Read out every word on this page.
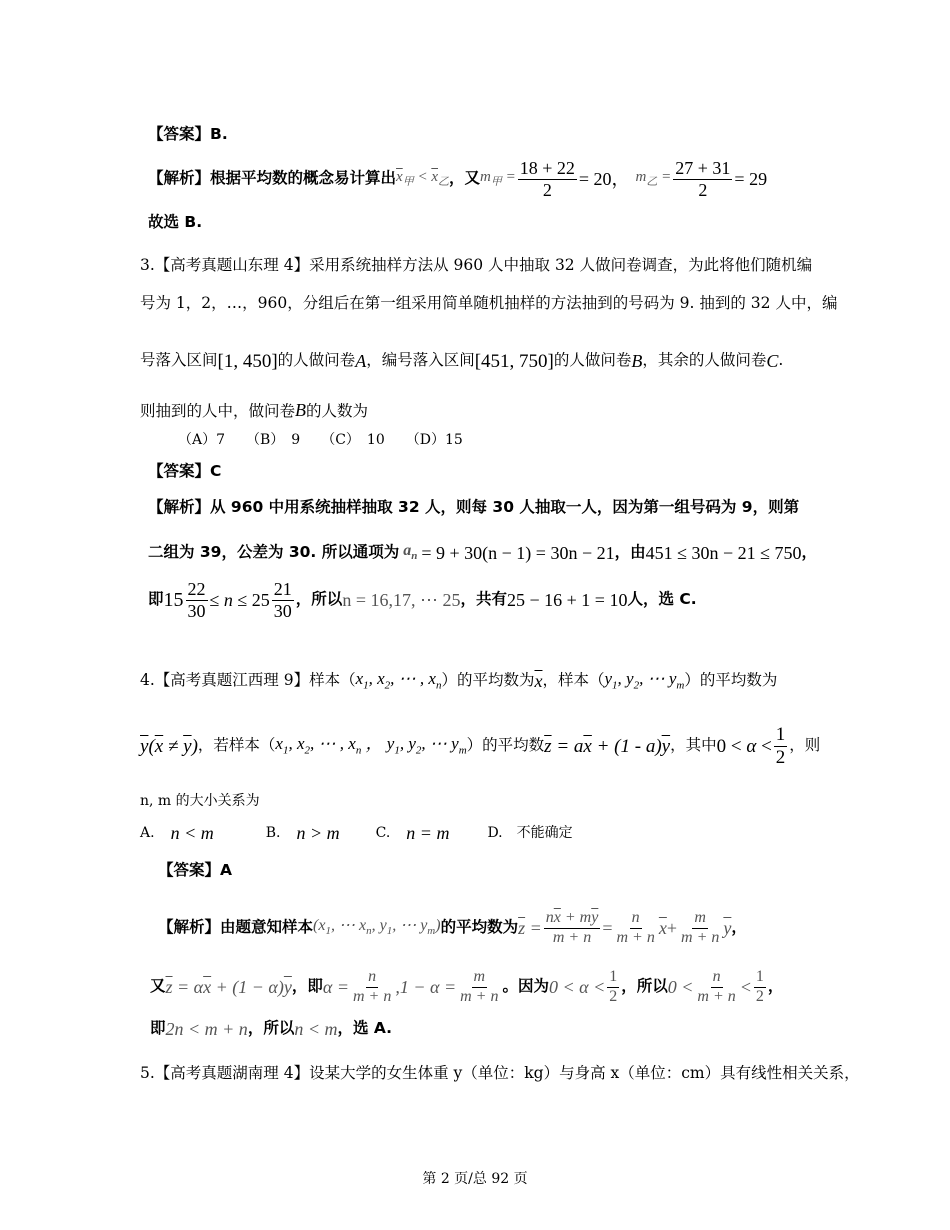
【答案】B.
【解析】 根据平均数的概念易计算出 $\overline{x}_甲 < \overline{x}_乙$ ，又 $m_甲 = \frac{18 + 22}{2} = 20$， $m_乙 = \frac{27 + 31}{2} = 29$
故选 B.
3.【高考真题山东理 4】采用系统抽样方法从 960 人中抽取 32 人做问卷调查，为此将他们随机编
号为 1，2，…，960，分组后在第一组采用简单随机抽样的方法抽到的号码为 9. 抽到的 32 人中，编
号落入区间 [1, 450] 的人做问卷 A ，编号落入区间 [451, 750] 的人做问卷 B ，其余的人做问卷 C .
则抽到的人中，做问卷B的人数为
（A）7　　（B）　9　　（C）　10　　（D）15
【答案】C
【解析】从 960 中用系统抽样抽取 32 人，则每 30 人抽取一人，因为第一组号码为 9，则第
二组为 39，公差为 30. 所以通项为 $a_n = 9 + 30(n - 1) = 30n - 21$ ，由 451 ≤ 30n − 21 ≤ 750 ，
即 $15 \frac{22}{30} \le n \le 25 \frac{21}{30}$ ，所以 n = 16,17, ⋯ 25 ，共有 25 − 16 + 1 = 10 人，选 C.
4.【高考真题江西理 9】样本（ $x_1$, $x_2$, ⋯ , $x_n$ ）的平均数为 $\overline{x}$ ，样本（ $y_1$, $y_2$, ⋯ $y_m$ ）的平均数为
$\overline{y}(\overline{x} \ne \overline{y})$ ，若样本（ $x_1$, $x_2$, ⋯ , $x_n$ ， $y_1$, $y_2$, ⋯ $y_m$ ）的平均数 $\overline{z} = a\overline{x} + (1 - a)\overline{y}$ ，其中 $0 < \alpha < \frac{1}{2}$ ，则
n, m 的大小关系为
A. n < m	B. n > m	C. n = m	D.　不能确定
【答案】A
【解析】 由题意知样本 ($x_1$, ⋯ $x_n$, $y_1$, ⋯ $y_m$) 的平均数为 $\overline{z} = \frac{n\overline{x} + m\overline{y}}{m + n} = \frac{n}{m + n} \overline{x} + \frac{m}{m + n} \overline{y}$ ，
又 $\overline{z} = \alpha\overline{x} + (1 - \alpha)\overline{y}$ ，即 $\alpha = \frac{n}{m + n} ,1 - \alpha = \frac{m}{m + n}$ 。因为 $0 < \alpha < \frac{1}{2}$ ，所以 $0 < \frac{n}{m + n} < \frac{1}{2}$ ，
即 2n < m + n ，所以 n < m ，选 A.
5.【高考真题湖南理 4】设某大学的女生体重 y（单位：kg）与身高 x（单位：cm）具有线性相关关系，
第 2 页/总 92 页
